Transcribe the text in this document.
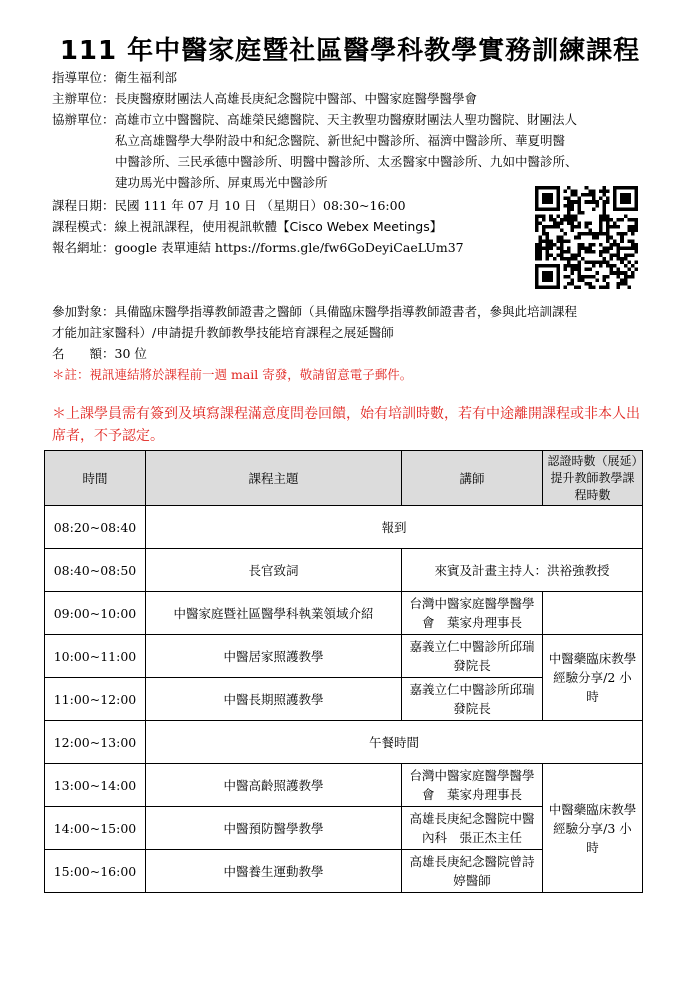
111 年中醫家庭暨社區醫學科教學實務訓練課程
指導單位：衛生福利部
主辦單位：長庚醫療財團法人高雄長庚紀念醫院中醫部、中醫家庭醫學醫學會
協辦單位：高雄市立中醫醫院、高雄榮民總醫院、天主教聖功醫療財團法人聖功醫院、財團法人
私立高雄醫學大學附設中和紀念醫院、新世紀中醫診所、福濟中醫診所、華夏明醫
中醫診所、三民承德中醫診所、明醫中醫診所、太丞醫家中醫診所、九如中醫診所、
建功馬光中醫診所、屏東馬光中醫診所
課程日期：民國 111 年 07 月 10 日 （星期日）08:30~16:00
課程模式：線上視訊課程，使用視訊軟體【Cisco Webex Meetings】
報名網址：google 表單連結 https://forms.gle/fw6GoDeyiCaeLUm37
參加對象：具備臨床醫學指導教師證書之醫師（具備臨床醫學指導教師證書者，參與此培訓課程
才能加註家醫科）/申請提升教師教學技能培育課程之展延醫師
名　　額：30 位
＊註：視訊連結將於課程前一週 mail 寄發，敬請留意電子郵件。
＊上課學員需有簽到及填寫課程滿意度問卷回饋，始有培訓時數，若有中途離開課程或非本人出席者，不予認定。
時間	課程主題	講師	認證時數（展延）提升教師教學課程時數
08:20~08:40	報到		
08:40~08:50	長官致詞	來賓及計畫主持人：洪裕強教授	
09:00~10:00	中醫家庭暨社區醫學科執業領域介紹	台灣中醫家庭醫學醫學會　葉家舟理事長	
10:00~11:00	中醫居家照護教學	嘉義立仁中醫診所邱瑞發院長	中醫藥臨床教學經驗分享/2 小時
11:00~12:00	中醫長期照護教學	嘉義立仁中醫診所邱瑞發院長	
12:00~13:00	午餐時間		
13:00~14:00	中醫高齡照護教學	台灣中醫家庭醫學醫學會　葉家舟理事長	中醫藥臨床教學經驗分享/3 小時
14:00~15:00	中醫預防醫學教學	高雄長庚紀念醫院中醫內科　張正杰主任	
15:00~16:00	中醫養生運動教學	高雄長庚紀念醫院曾詩婷醫師	
